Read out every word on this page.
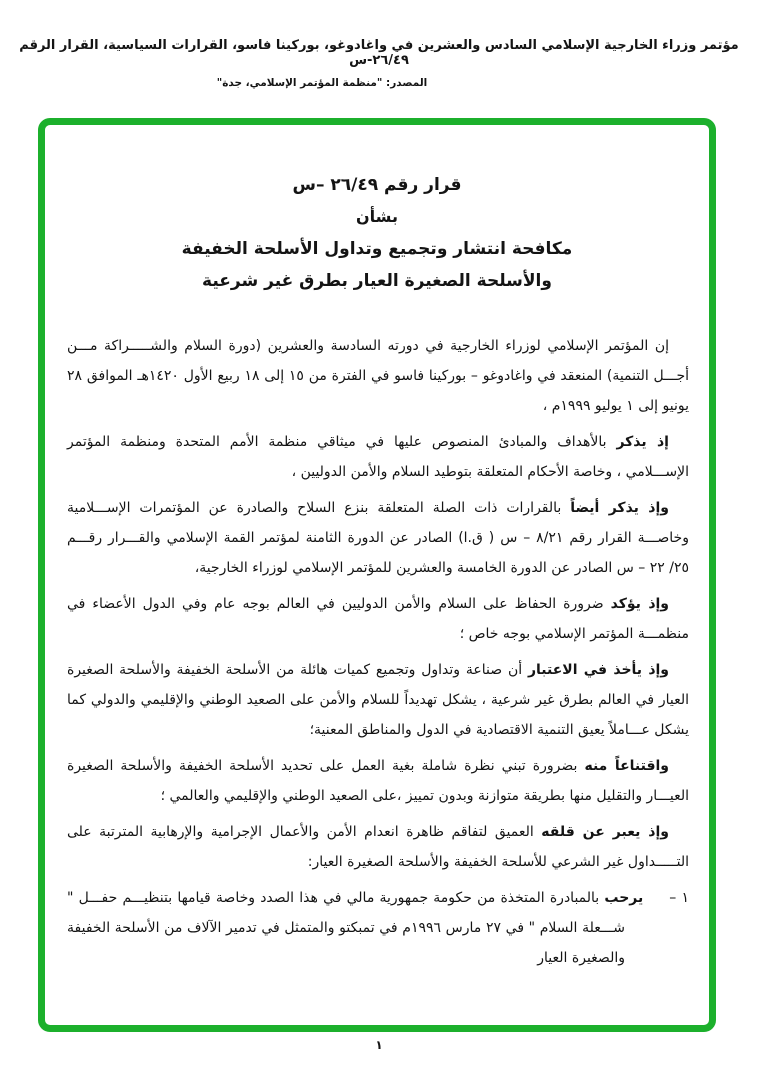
مؤتمر وزراء الخارجية الإسلامي السادس والعشرين في واغادوغو، بوركينا فاسو، القرارات السياسية، القرار الرقم ٢٦/٤٩-س
المصدر: "منظمة المؤتمر الإسلامي، جدة"
قرار رقم ٢٦/٤٩ –س
بشأن
مكافحة انتشار وتجميع وتداول الأسلحة الخفيفة
والأسلحة الصغيرة العيار بطرق غير شرعية

إن المؤتمر الإسلامي لوزراء الخارجية في دورته السادسة والعشرين (دورة السلام والشـــــراكة مـــن أجـــل التنمية) المنعقد في واغادوغو – بوركينا فاسو في الفترة من ١٥ إلى ١٨ ربيع الأول ١٤٢٠هـ الموافق ٢٨ يونيو إلى ١ يوليو ١٩٩٩م ،

إذ يذكر بالأهداف والمبادئ المنصوص عليها في ميثاقي منظمة الأمم المتحدة ومنظمة المؤتمر الإســـلامي ، وخاصة الأحكام المتعلقة بتوطيد السلام والأمن الدوليين ،

وإذ يذكر أيضاً بالقرارات ذات الصلة المتعلقة بنزع السلاح والصادرة عن المؤتمرات الإســـلامية وخاصـــة القرار رقم ٨/٢١ – س ( ق.ا) الصادر عن الدورة الثامنة لمؤتمر القمة الإسلامي والقـــرار رقـــم ٢٥/ ٢٢ – س الصادر عن الدورة الخامسة والعشرين للمؤتمر الإسلامي لوزراء الخارجية،

وإذ يؤكد ضرورة الحفاظ على السلام والأمن الدوليين في العالم بوجه عام وفي الدول الأعضاء في منظمـــة المؤتمر الإسلامي بوجه خاص ؛

وإذ يأخذ في الاعتبار أن صناعة وتداول وتجميع كميات هائلة من الأسلحة الخفيفة والأسلحة الصغيرة العيار في العالم بطرق غير شرعية ، يشكل تهديداً للسلام والأمن على الصعيد الوطني والإقليمي والدولي كما يشكل عـــاملاً يعيق التنمية الاقتصادية في الدول والمناطق المعنية؛

واقتناعاً منه بضرورة تبني نظرة شاملة بغية العمل على تحديد الأسلحة الخفيفة والأسلحة الصغيرة العيـــار والتقليل منها بطريقة متوازنة وبدون تمييز ،على الصعيد الوطني والإقليمي والعالمي ؛

وإذ يعبر عن قلقه العميق لتفاقم ظاهرة انعدام الأمن والأعمال الإجرامية والإرهابية المترتبة على التـــــداول غير الشرعي للأسلحة الخفيفة والأسلحة الصغيرة العيار:

١ –يرحب بالمبادرة المتخذة من حكومة جمهورية مالي في هذا الصدد وخاصة قيامها بتنظيـــم حفـــل " شـــعلة السلام " في ٢٧ مارس ١٩٩٦م في تمبكتو والمتمثل في تدمير الآلاف من الأسلحة الخفيفة والصغيرة العيار
١
